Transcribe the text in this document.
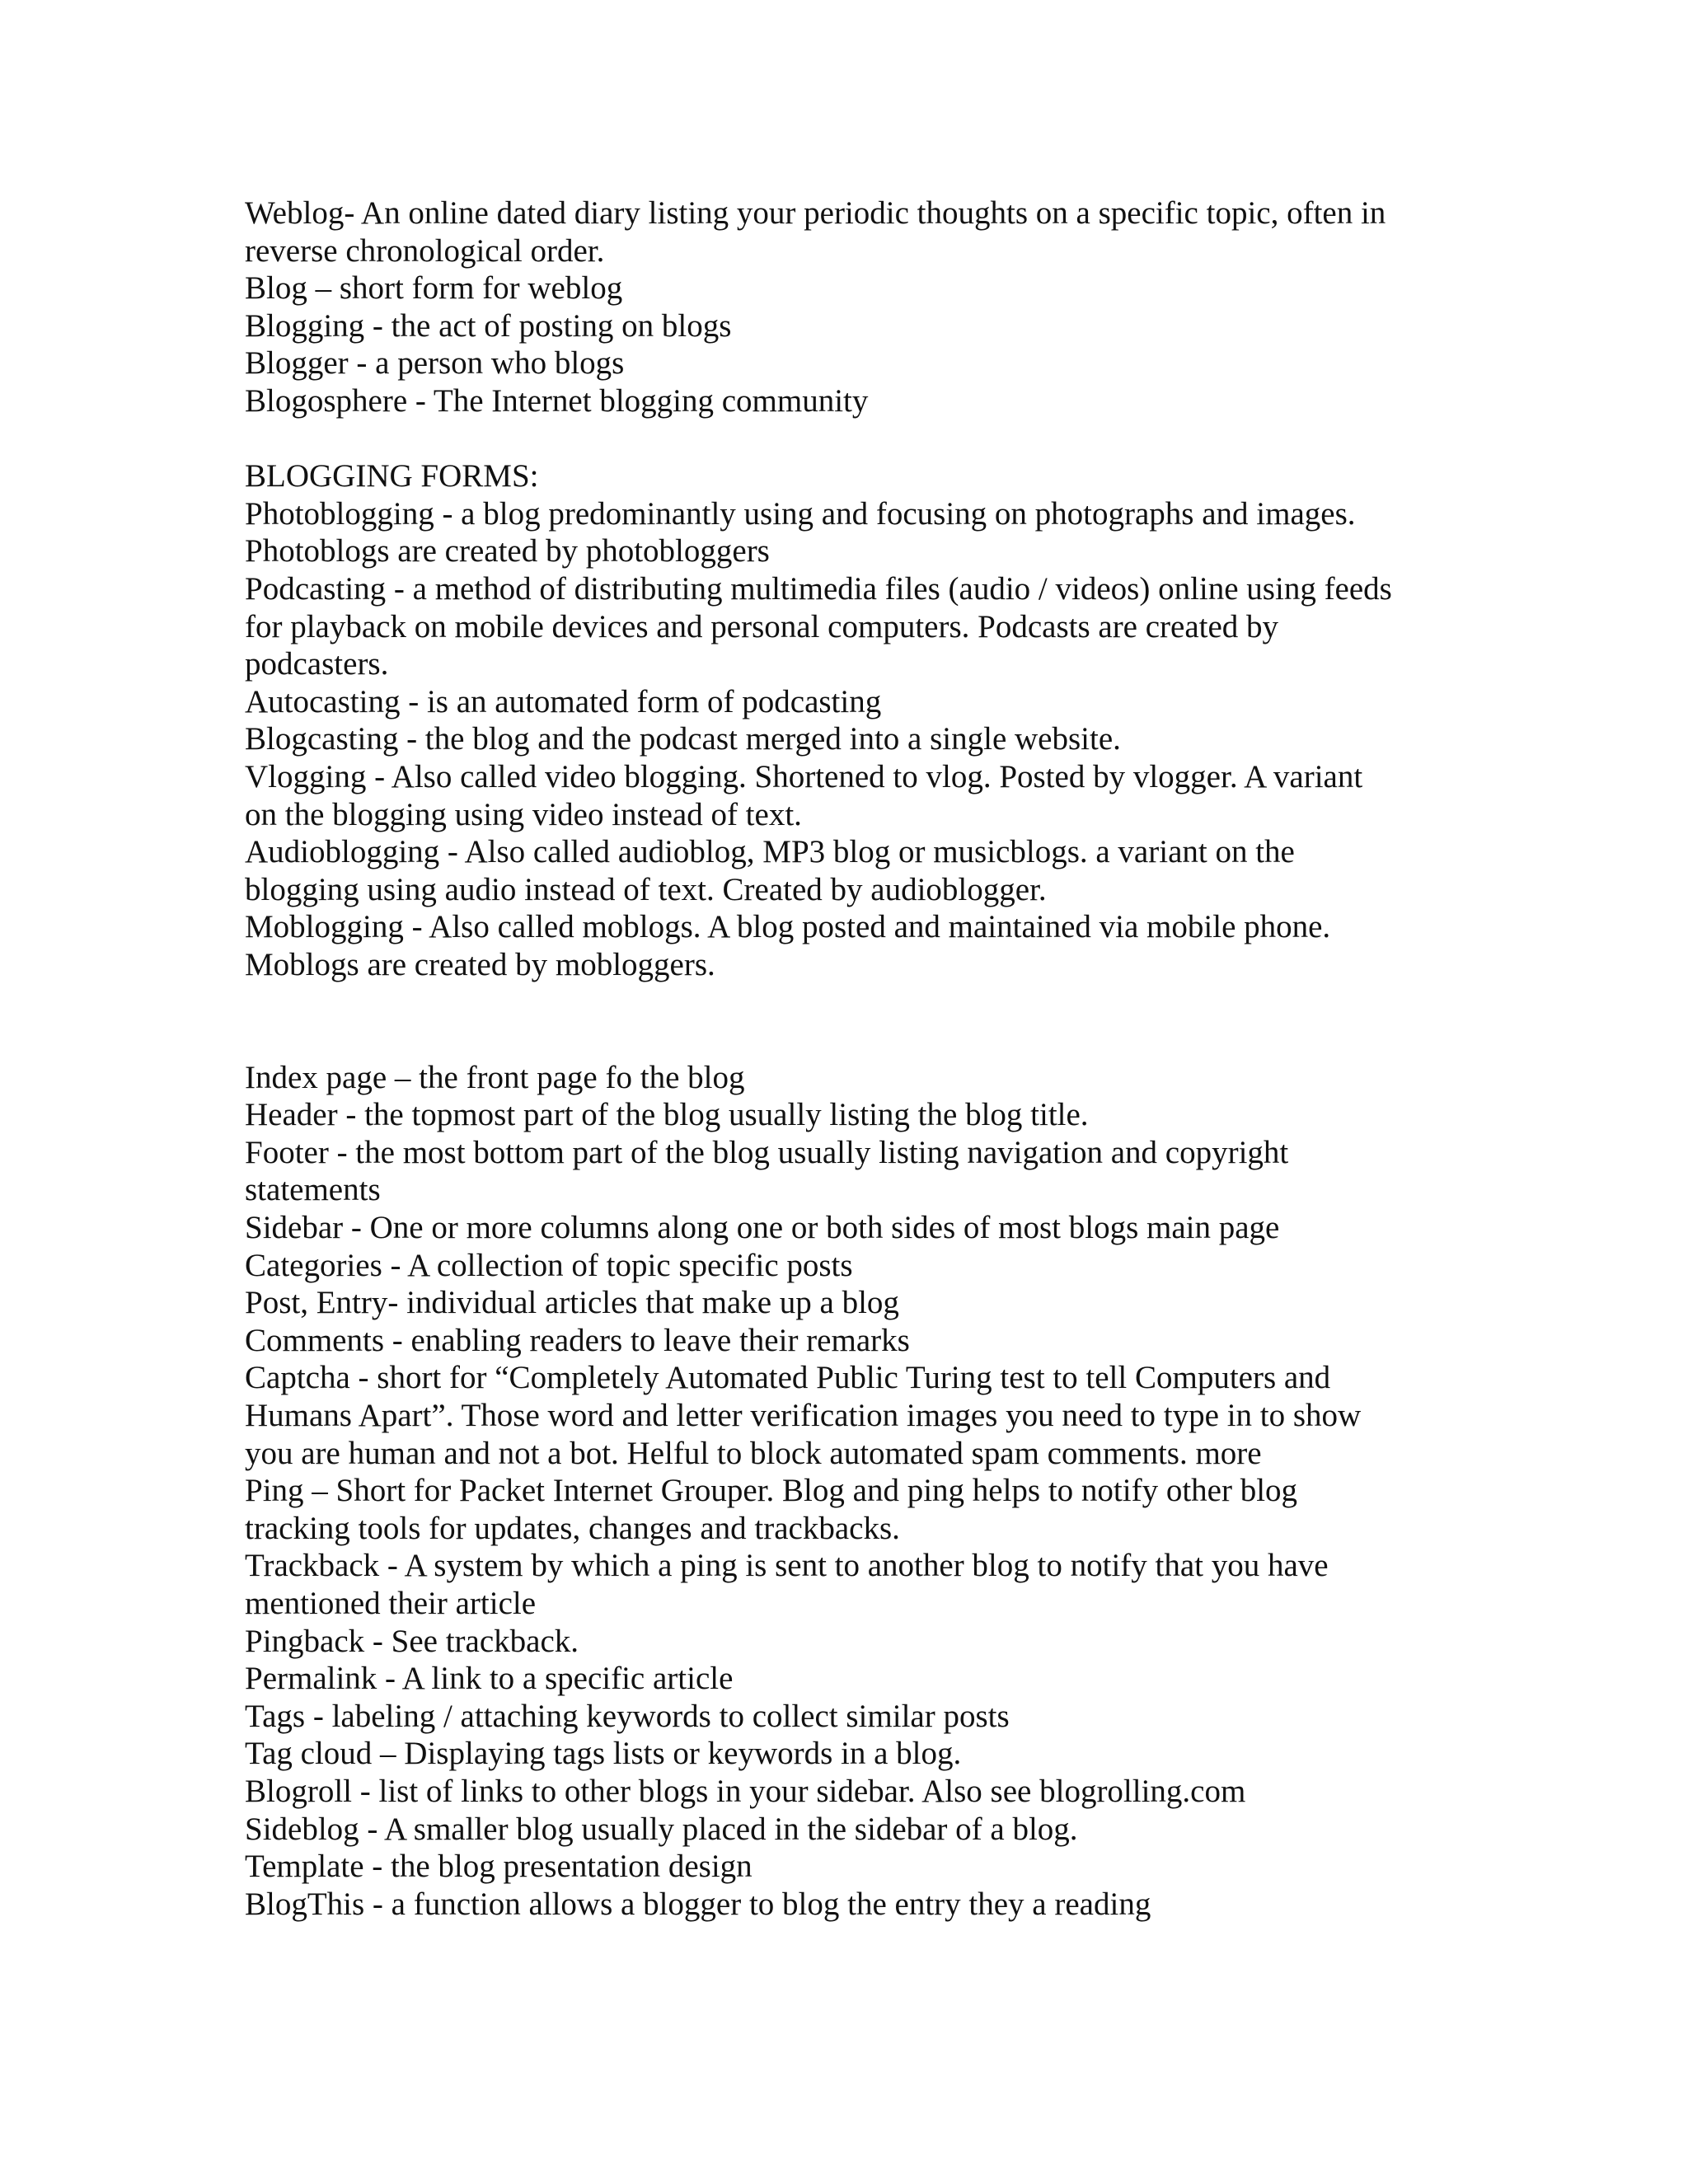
Weblog- An online dated diary listing your periodic thoughts on a specific topic, often in
reverse chronological order.
Blog – short form for weblog
Blogging - the act of posting on blogs
Blogger - a person who blogs
Blogosphere - The Internet blogging community
BLOGGING FORMS:
Photoblogging - a blog predominantly using and focusing on photographs and images.
Photoblogs are created by photobloggers
Podcasting - a method of distributing multimedia files (audio / videos) online using feeds
for playback on mobile devices and personal computers. Podcasts are created by
podcasters.
Autocasting - is an automated form of podcasting
Blogcasting - the blog and the podcast merged into a single website.
Vlogging - Also called video blogging. Shortened to vlog. Posted by vlogger. A variant
on the blogging using video instead of text.
Audioblogging - Also called audioblog, MP3 blog or musicblogs. a variant on the
blogging using audio instead of text. Created by audioblogger.
Moblogging - Also called moblogs. A blog posted and maintained via mobile phone.
Moblogs are created by mobloggers.
Index page – the front page fo the blog
Header - the topmost part of the blog usually listing the blog title.
Footer - the most bottom part of the blog usually listing navigation and copyright
statements
Sidebar - One or more columns along one or both sides of most blogs main page
Categories - A collection of topic specific posts
Post, Entry- individual articles that make up a blog
Comments - enabling readers to leave their remarks
Captcha - short for “Completely Automated Public Turing test to tell Computers and
Humans Apart”. Those word and letter verification images you need to type in to show
you are human and not a bot. Helful to block automated spam comments. more
Ping – Short for Packet Internet Grouper. Blog and ping helps to notify other blog
tracking tools for updates, changes and trackbacks.
Trackback - A system by which a ping is sent to another blog to notify that you have
mentioned their article
Pingback - See trackback.
Permalink - A link to a specific article
Tags - labeling / attaching keywords to collect similar posts
Tag cloud – Displaying tags lists or keywords in a blog.
Blogroll - list of links to other blogs in your sidebar. Also see blogrolling.com
Sideblog - A smaller blog usually placed in the sidebar of a blog.
Template - the blog presentation design
BlogThis - a function allows a blogger to blog the entry they a reading
